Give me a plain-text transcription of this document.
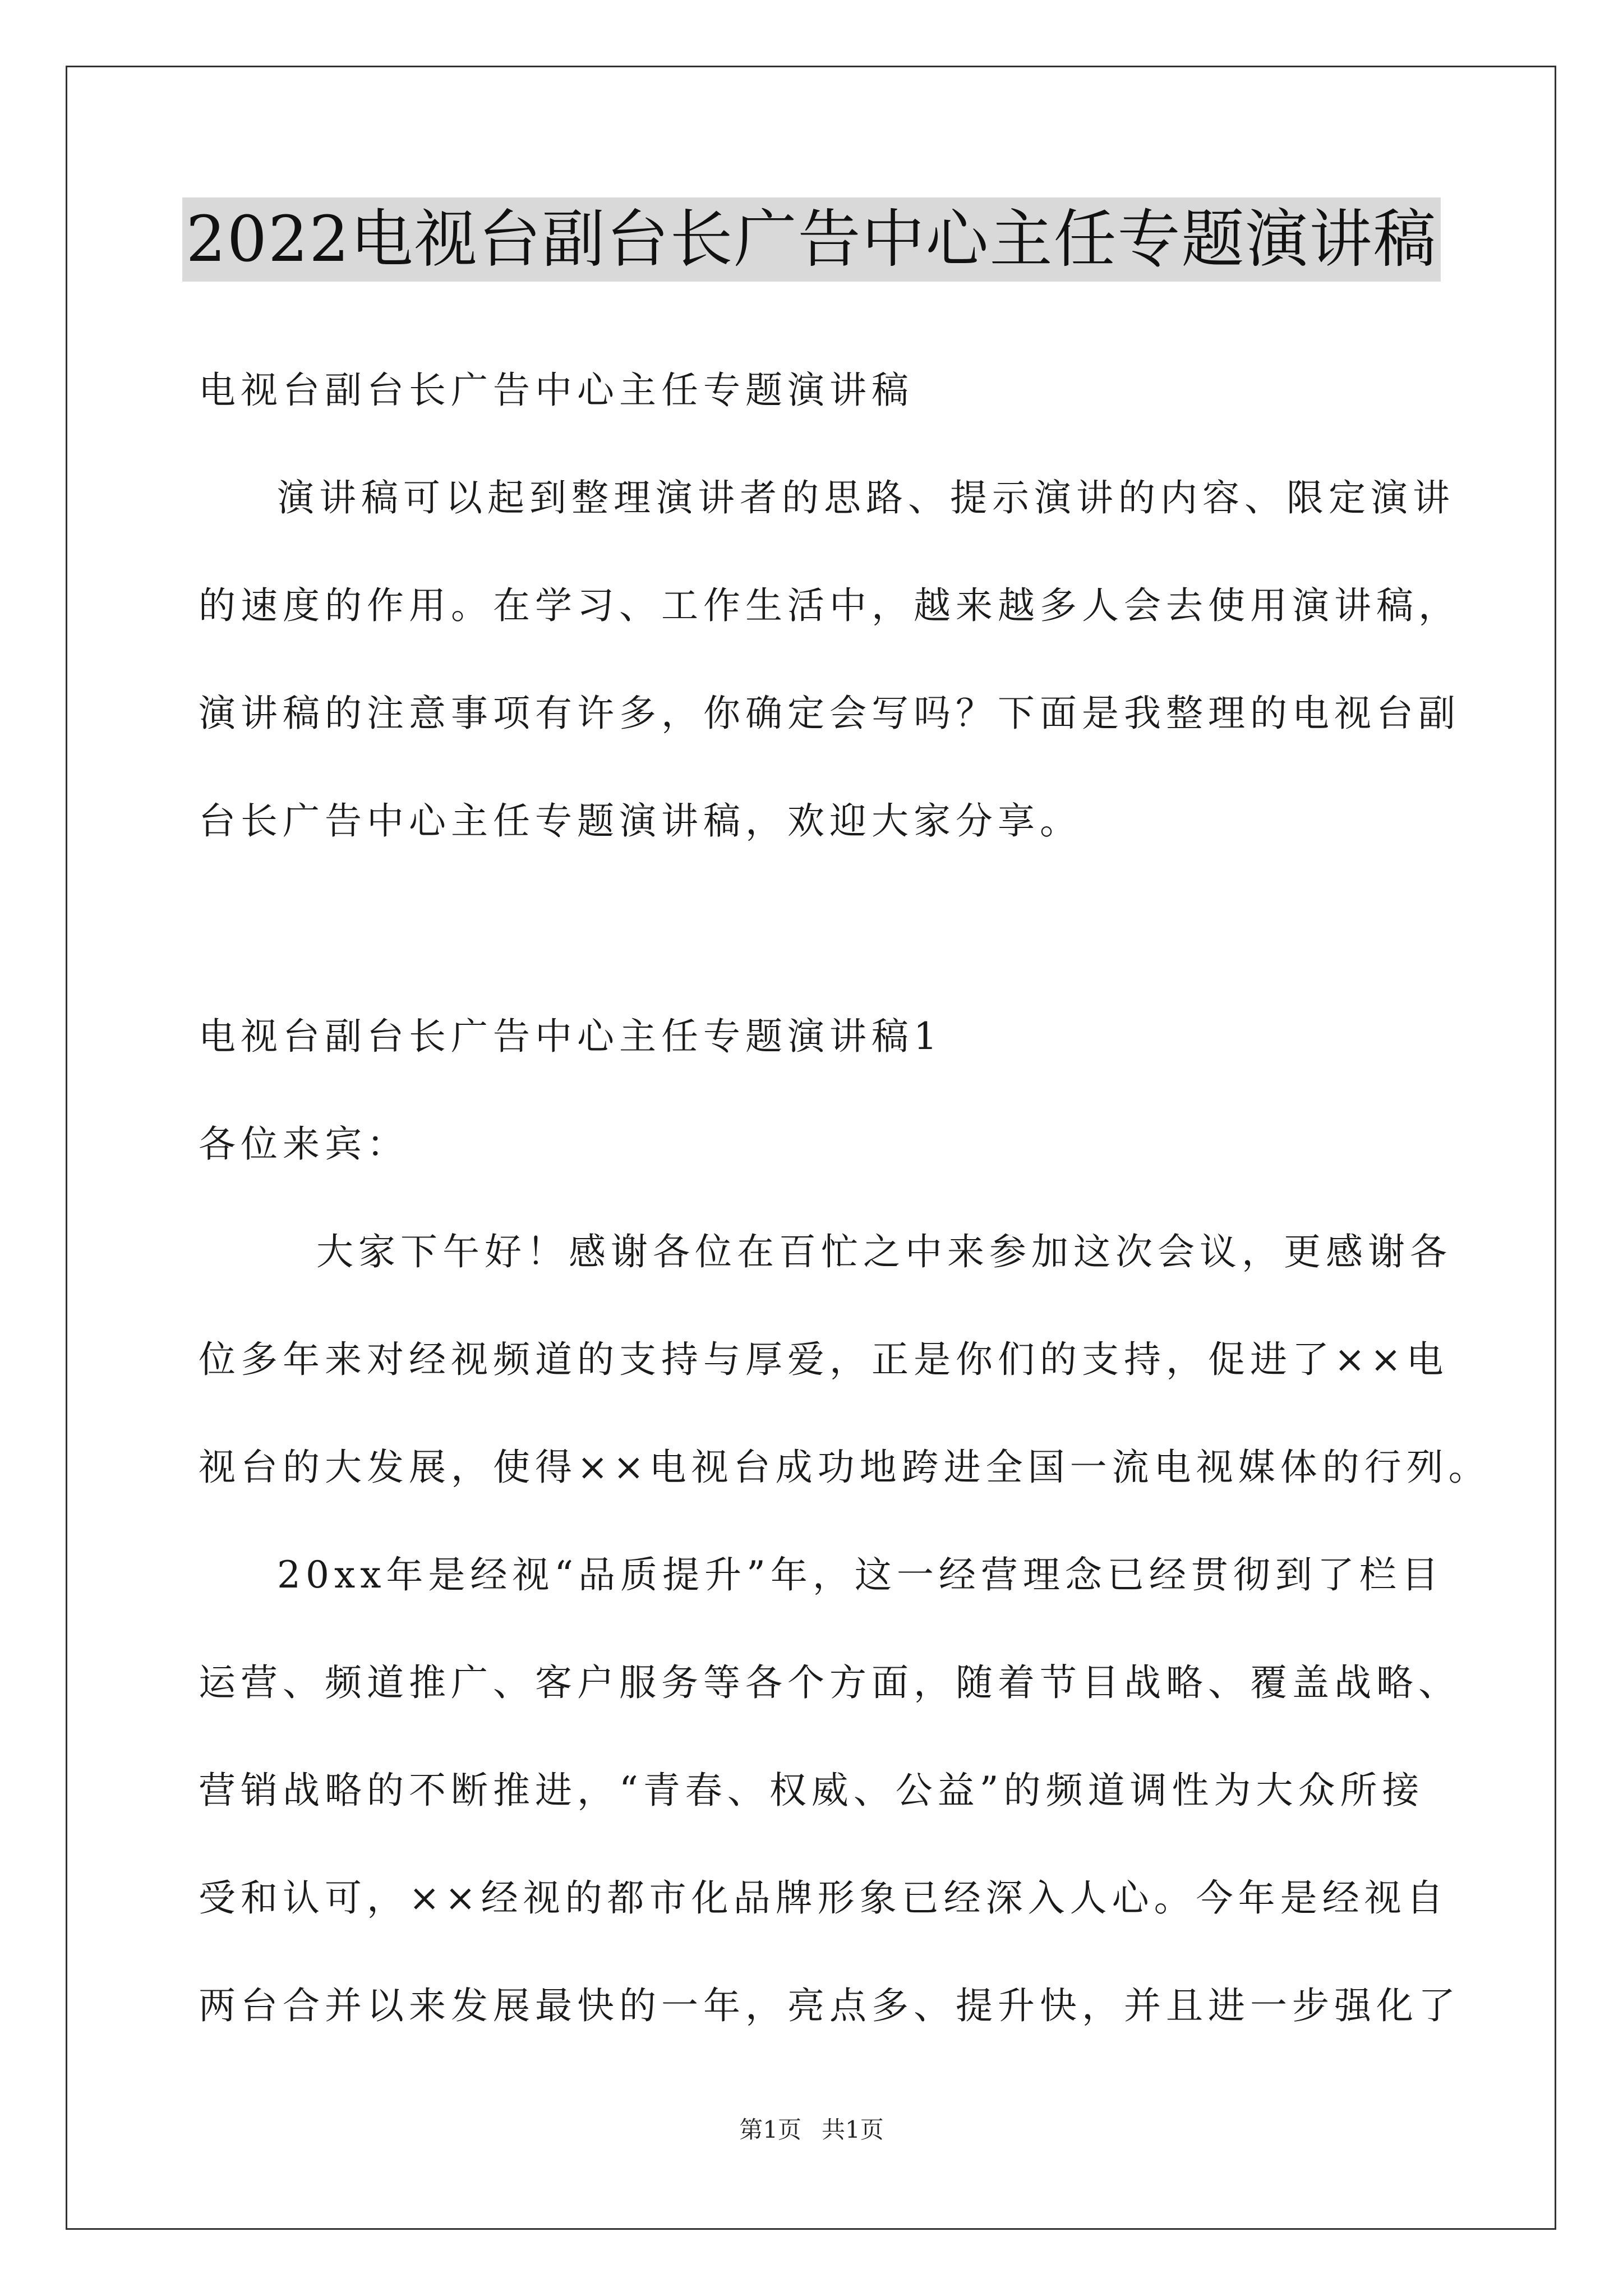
2022电视台副台长广告中心主任专题演讲稿
电视台副台长广告中心主任专题演讲稿
演讲稿可以起到整理演讲者的思路、提示演讲的内容、限定演讲
的速度的作用。在学习、工作生活中，越来越多人会去使用演讲稿，
演讲稿的注意事项有许多，你确定会写吗？下面是我整理的电视台副
台长广告中心主任专题演讲稿，欢迎大家分享。
电视台副台长广告中心主任专题演讲稿1
各位来宾：
大家下午好！感谢各位在百忙之中来参加这次会议，更感谢各
位多年来对经视频道的支持与厚爱，正是你们的支持，促进了××电
视台的大发展，使得××电视台成功地跨进全国一流电视媒体的行列。
20xx年是经视“品质提升”年，这一经营理念已经贯彻到了栏目
运营、频道推广、客户服务等各个方面，随着节目战略、覆盖战略、
营销战略的不断推进，“青春、权威、公益”的频道调性为大众所接
受和认可，××经视的都市化品牌形象已经深入人心。今年是经视自
两台合并以来发展最快的一年，亮点多、提升快，并且进一步强化了
第1页 共1页
